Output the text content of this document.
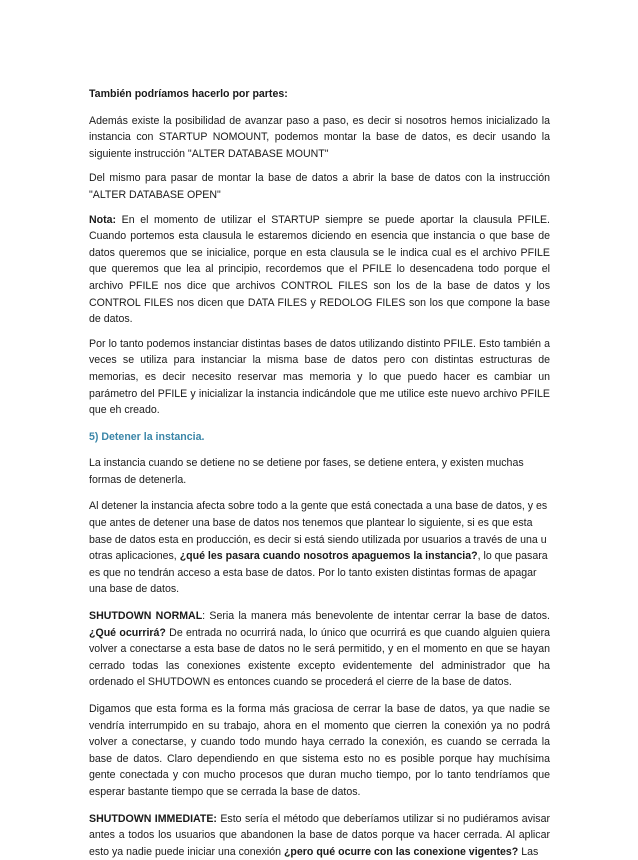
También podríamos hacerlo por partes:

Además existe la posibilidad de avanzar paso a paso, es decir si nosotros hemos inicializado la instancia con STARTUP NOMOUNT, podemos montar la base de datos, es decir usando la siguiente instrucción "ALTER DATABASE MOUNT"

Del mismo para pasar de montar la base de datos a abrir la base de datos con la instrucción "ALTER DATABASE OPEN"

Nota: En el momento de utilizar el STARTUP siempre se puede aportar la clausula PFILE. Cuando portemos esta clausula le estaremos diciendo en esencia que instancia o que base de datos queremos que se inicialice, porque en esta clausula se le indica cual es el archivo PFILE que queremos que lea al principio, recordemos que el PFILE lo desencadena todo porque el archivo PFILE nos dice que archivos CONTROL FILES son los de la base de datos y los CONTROL FILES nos dicen que DATA FILES y REDOLOG FILES son los que compone la base de datos.

Por lo tanto podemos instanciar distintas bases de datos utilizando distinto PFILE. Esto también a veces se utiliza para instanciar la misma base de datos pero con distintas estructuras de memorias, es decir necesito reservar mas memoria y lo que puedo hacer es cambiar un parámetro del PFILE y inicializar la instancia indicándole que me utilice este nuevo archivo PFILE que eh creado.

5) Detener la instancia.

La instancia cuando se detiene no se detiene por fases, se detiene entera, y existen muchas formas de detenerla.

Al detener la instancia afecta sobre todo a la gente que está conectada a una base de datos, y es que antes de detener una base de datos nos tenemos que plantear lo siguiente, si es que esta base de datos esta en producción, es decir si está siendo utilizada por usuarios a través de una u otras aplicaciones, ¿qué les pasara cuando nosotros apaguemos la instancia?, lo que pasara es que no tendrán acceso a esta base de datos. Por lo tanto existen distintas formas de apagar una base de datos.

SHUTDOWN NORMAL: Seria la manera más benevolente de intentar cerrar la base de datos. ¿Qué ocurrirá? De entrada no ocurrirá nada, lo único que ocurrirá es que cuando alguien quiera volver a conectarse a esta base de datos no le será permitido, y en el momento en que se hayan cerrado todas las conexiones existente excepto evidentemente del administrador que ha ordenado el SHUTDOWN es entonces cuando se procederá el cierre de la base de datos.

Digamos que esta forma es la forma más graciosa de cerrar la base de datos, ya que nadie se vendría interrumpido en su trabajo, ahora en el momento que cierren la conexión ya no podrá volver a conectarse, y cuando todo mundo haya cerrado la conexión, es cuando se cerrada la base de datos. Claro dependiendo en que sistema esto no es posible porque hay muchísima gente conectada y con mucho procesos que duran mucho tiempo, por lo tanto tendríamos que esperar bastante tiempo que se cerrada la base de datos.

SHUTDOWN IMMEDIATE: Esto sería el método que deberíamos utilizar si no pudiéramos avisar antes a todos los usuarios que abandonen la base de datos porque va hacer cerrada. Al aplicar esto ya nadie puede iniciar una conexión ¿pero qué ocurre con las conexione vigentes? Las
